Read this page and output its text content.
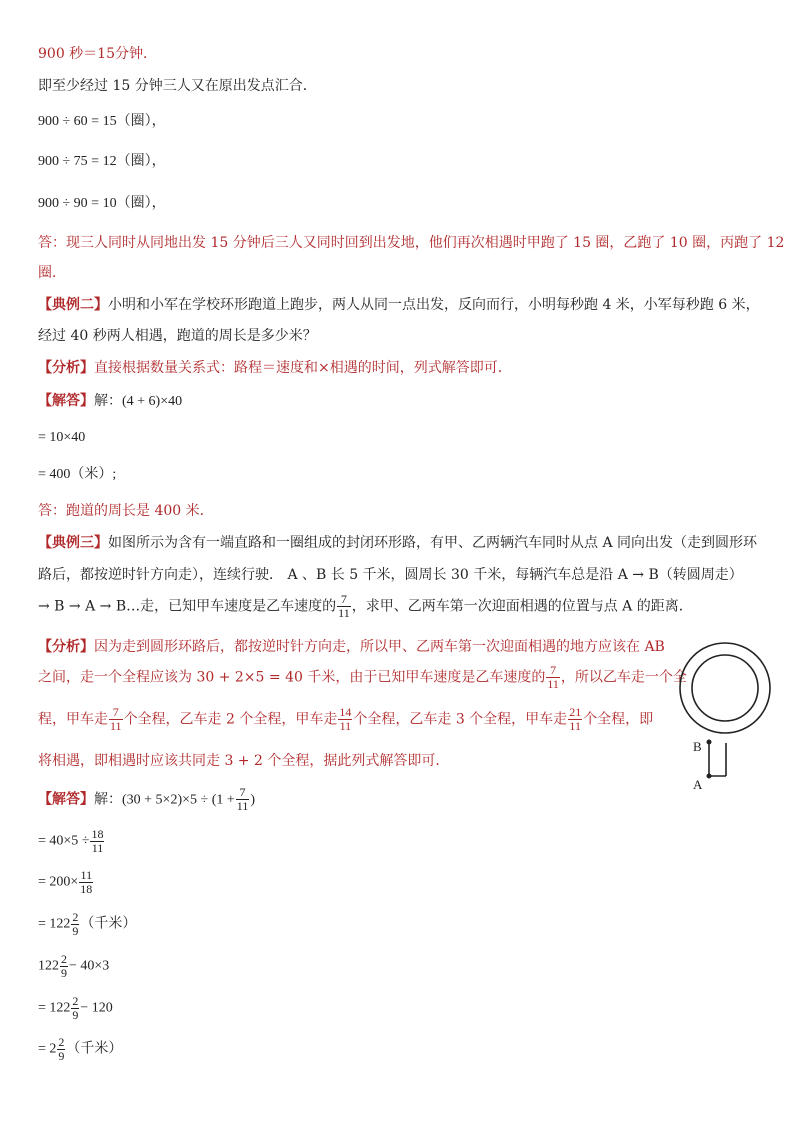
900 秒＝15分钟．
即至少经过 15 分钟三人又在原出发点汇合．
900 ÷ 60 = 15（圈），
900 ÷ 75 = 12（圈），
900 ÷ 90 = 10（圈），
答：现三人同时从同地出发 15 分钟后三人又同时回到出发地，他们再次相遇时甲跑了 15 圈，乙跑了 10 圈，丙跑了 12
圈．
【典例二】小明和小军在学校环形跑道上跑步，两人从同一点出发，反向而行，小明每秒跑 4 米，小军每秒跑 6 米，
经过 40 秒两人相遇，跑道的周长是多少米？
【分析】直接根据数量关系式：路程＝速度和×相遇的时间，列式解答即可．
【解答】解：(4 + 6)×40
= 10×40
= 400（米）;
答：跑道的周长是 400 米．
【典例三】如图所示为含有一端直路和一圈组成的封闭环形路，有甲、乙两辆汽车同时从点 A 同向出发（走到圆形环
路后，都按逆时针方向走），连续行驶． A 、B 长 5 千米，圆周长 30 千米，每辆汽车总是沿 A → B（转圆周走）
→ B → A → B…走，已知甲车速度是乙车速度的 $\frac{7}{11}$ ，求甲、乙两车第一次迎面相遇的位置与点 A 的距离．
【分析】因为走到圆形环路后，都按逆时针方向走，所以甲、乙两车第一次迎面相遇的地方应该在 AB
之间，走一个全程应该为 30 + 2×5 = 40 千米，由于已知甲车速度是乙车速度的 $\frac{7}{11}$ ，所以乙车走一个全
程，甲车走 $\frac{7}{11}$ 个全程，乙车走 2 个全程，甲车走 $\frac{14}{11}$ 个全程，乙车走 3 个全程，甲车走 $\frac{21}{11}$ 个全程，即
将相遇，即相遇时应该共同走 3 + 2 个全程，据此列式解答即可．
B
A
【解答】解：$(30 + 5\times 2)\times 5 \div (1 + \frac{7}{11}$ )
= $40\times 5 \div \frac{18}{11}$
= $200\times \frac{11}{18}$
= $122 \frac{2}{9}$ （千米）
$122 \frac{2}{9} - 40\times 3$
= $122 \frac{2}{9} - 120$
= $2 \frac{2}{9}$ （千米）
